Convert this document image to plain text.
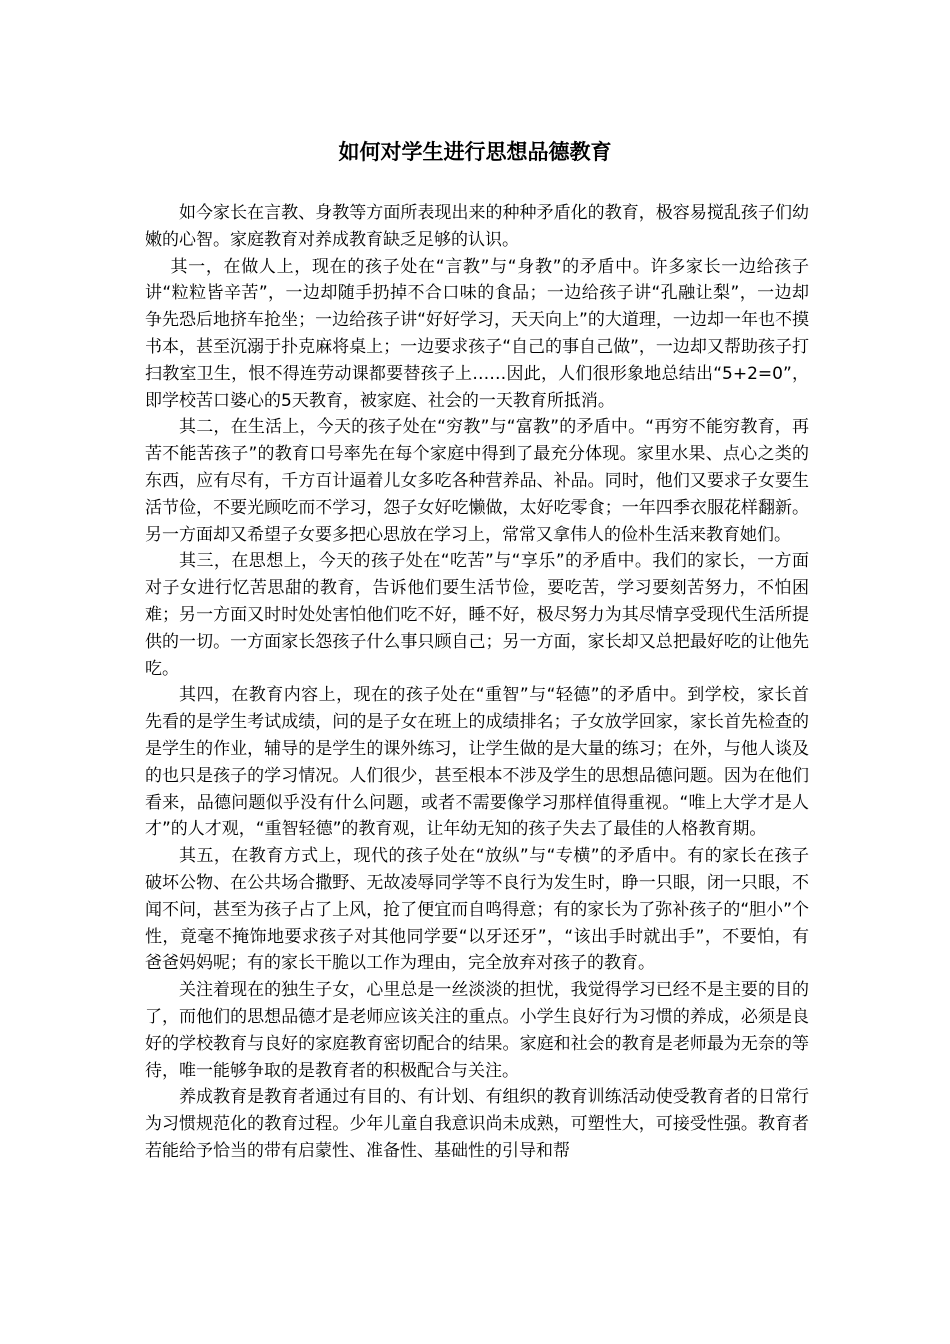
如何对学生进行思想品德教育

如今家长在言教、身教等方面所表现出来的种种矛盾化的教育，极容易搅乱孩子们幼嫩的心智。家庭教育对养成教育缺乏足够的认识。

其一，在做人上，现在的孩子处在“言教”与“身教”的矛盾中。许多家长一边给孩子讲“粒粒皆辛苦”，一边却随手扔掉不合口味的食品；一边给孩子讲“孔融让梨”，一边却争先恐后地挤车抢坐；一边给孩子讲“好好学习，天天向上”的大道理，一边却一年也不摸书本，甚至沉溺于扑克麻将桌上；一边要求孩子“自己的事自己做”，一边却又帮助孩子打扫教室卫生，恨不得连劳动课都要替孩子上……因此，人们很形象地总结出“5+2=0”，即学校苦口婆心的5天教育，被家庭、社会的一天教育所抵消。

其二，在生活上，今天的孩子处在“穷教”与“富教”的矛盾中。“再穷不能穷教育，再苦不能苦孩子”的教育口号率先在每个家庭中得到了最充分体现。家里水果、点心之类的东西，应有尽有，千方百计逼着儿女多吃各种营养品、补品。同时，他们又要求子女要生活节俭，不要光顾吃而不学习，怨子女好吃懒做，太好吃零食；一年四季衣服花样翻新。另一方面却又希望子女要多把心思放在学习上，常常又拿伟人的俭朴生活来教育她们。

其三，在思想上，今天的孩子处在“吃苦”与“享乐”的矛盾中。我们的家长，一方面对子女进行忆苦思甜的教育，告诉他们要生活节俭，要吃苦，学习要刻苦努力，不怕困难；另一方面又时时处处害怕他们吃不好，睡不好，极尽努力为其尽情享受现代生活所提供的一切。一方面家长怨孩子什么事只顾自己；另一方面，家长却又总把最好吃的让他先吃。

其四，在教育内容上，现在的孩子处在“重智”与“轻德”的矛盾中。到学校，家长首先看的是学生考试成绩，问的是子女在班上的成绩排名；子女放学回家，家长首先检查的是学生的作业，辅导的是学生的课外练习，让学生做的是大量的练习；在外，与他人谈及的也只是孩子的学习情况。人们很少，甚至根本不涉及学生的思想品德问题。因为在他们看来，品德问题似乎没有什么问题，或者不需要像学习那样值得重视。“唯上大学才是人才”的人才观，“重智轻德”的教育观，让年幼无知的孩子失去了最佳的人格教育期。

其五，在教育方式上，现代的孩子处在“放纵”与“专横”的矛盾中。有的家长在孩子破坏公物、在公共场合撒野、无故凌辱同学等不良行为发生时，睁一只眼，闭一只眼，不闻不问，甚至为孩子占了上风，抢了便宜而自鸣得意；有的家长为了弥补孩子的“胆小”个性，竟毫不掩饰地要求孩子对其他同学要“以牙还牙”，“该出手时就出手”，不要怕，有爸爸妈妈呢；有的家长干脆以工作为理由，完全放弃对孩子的教育。

关注着现在的独生子女，心里总是一丝淡淡的担忧，我觉得学习已经不是主要的目的了，而他们的思想品德才是老师应该关注的重点。小学生良好行为习惯的养成，必须是良好的学校教育与良好的家庭教育密切配合的结果。家庭和社会的教育是老师最为无奈的等待，唯一能够争取的是教育者的积极配合与关注。

养成教育是教育者通过有目的、有计划、有组织的教育训练活动使受教育者的日常行为习惯规范化的教育过程。少年儿童自我意识尚未成熟，可塑性大，可接受性强。教育者若能给予恰当的带有启蒙性、准备性、基础性的引导和帮
